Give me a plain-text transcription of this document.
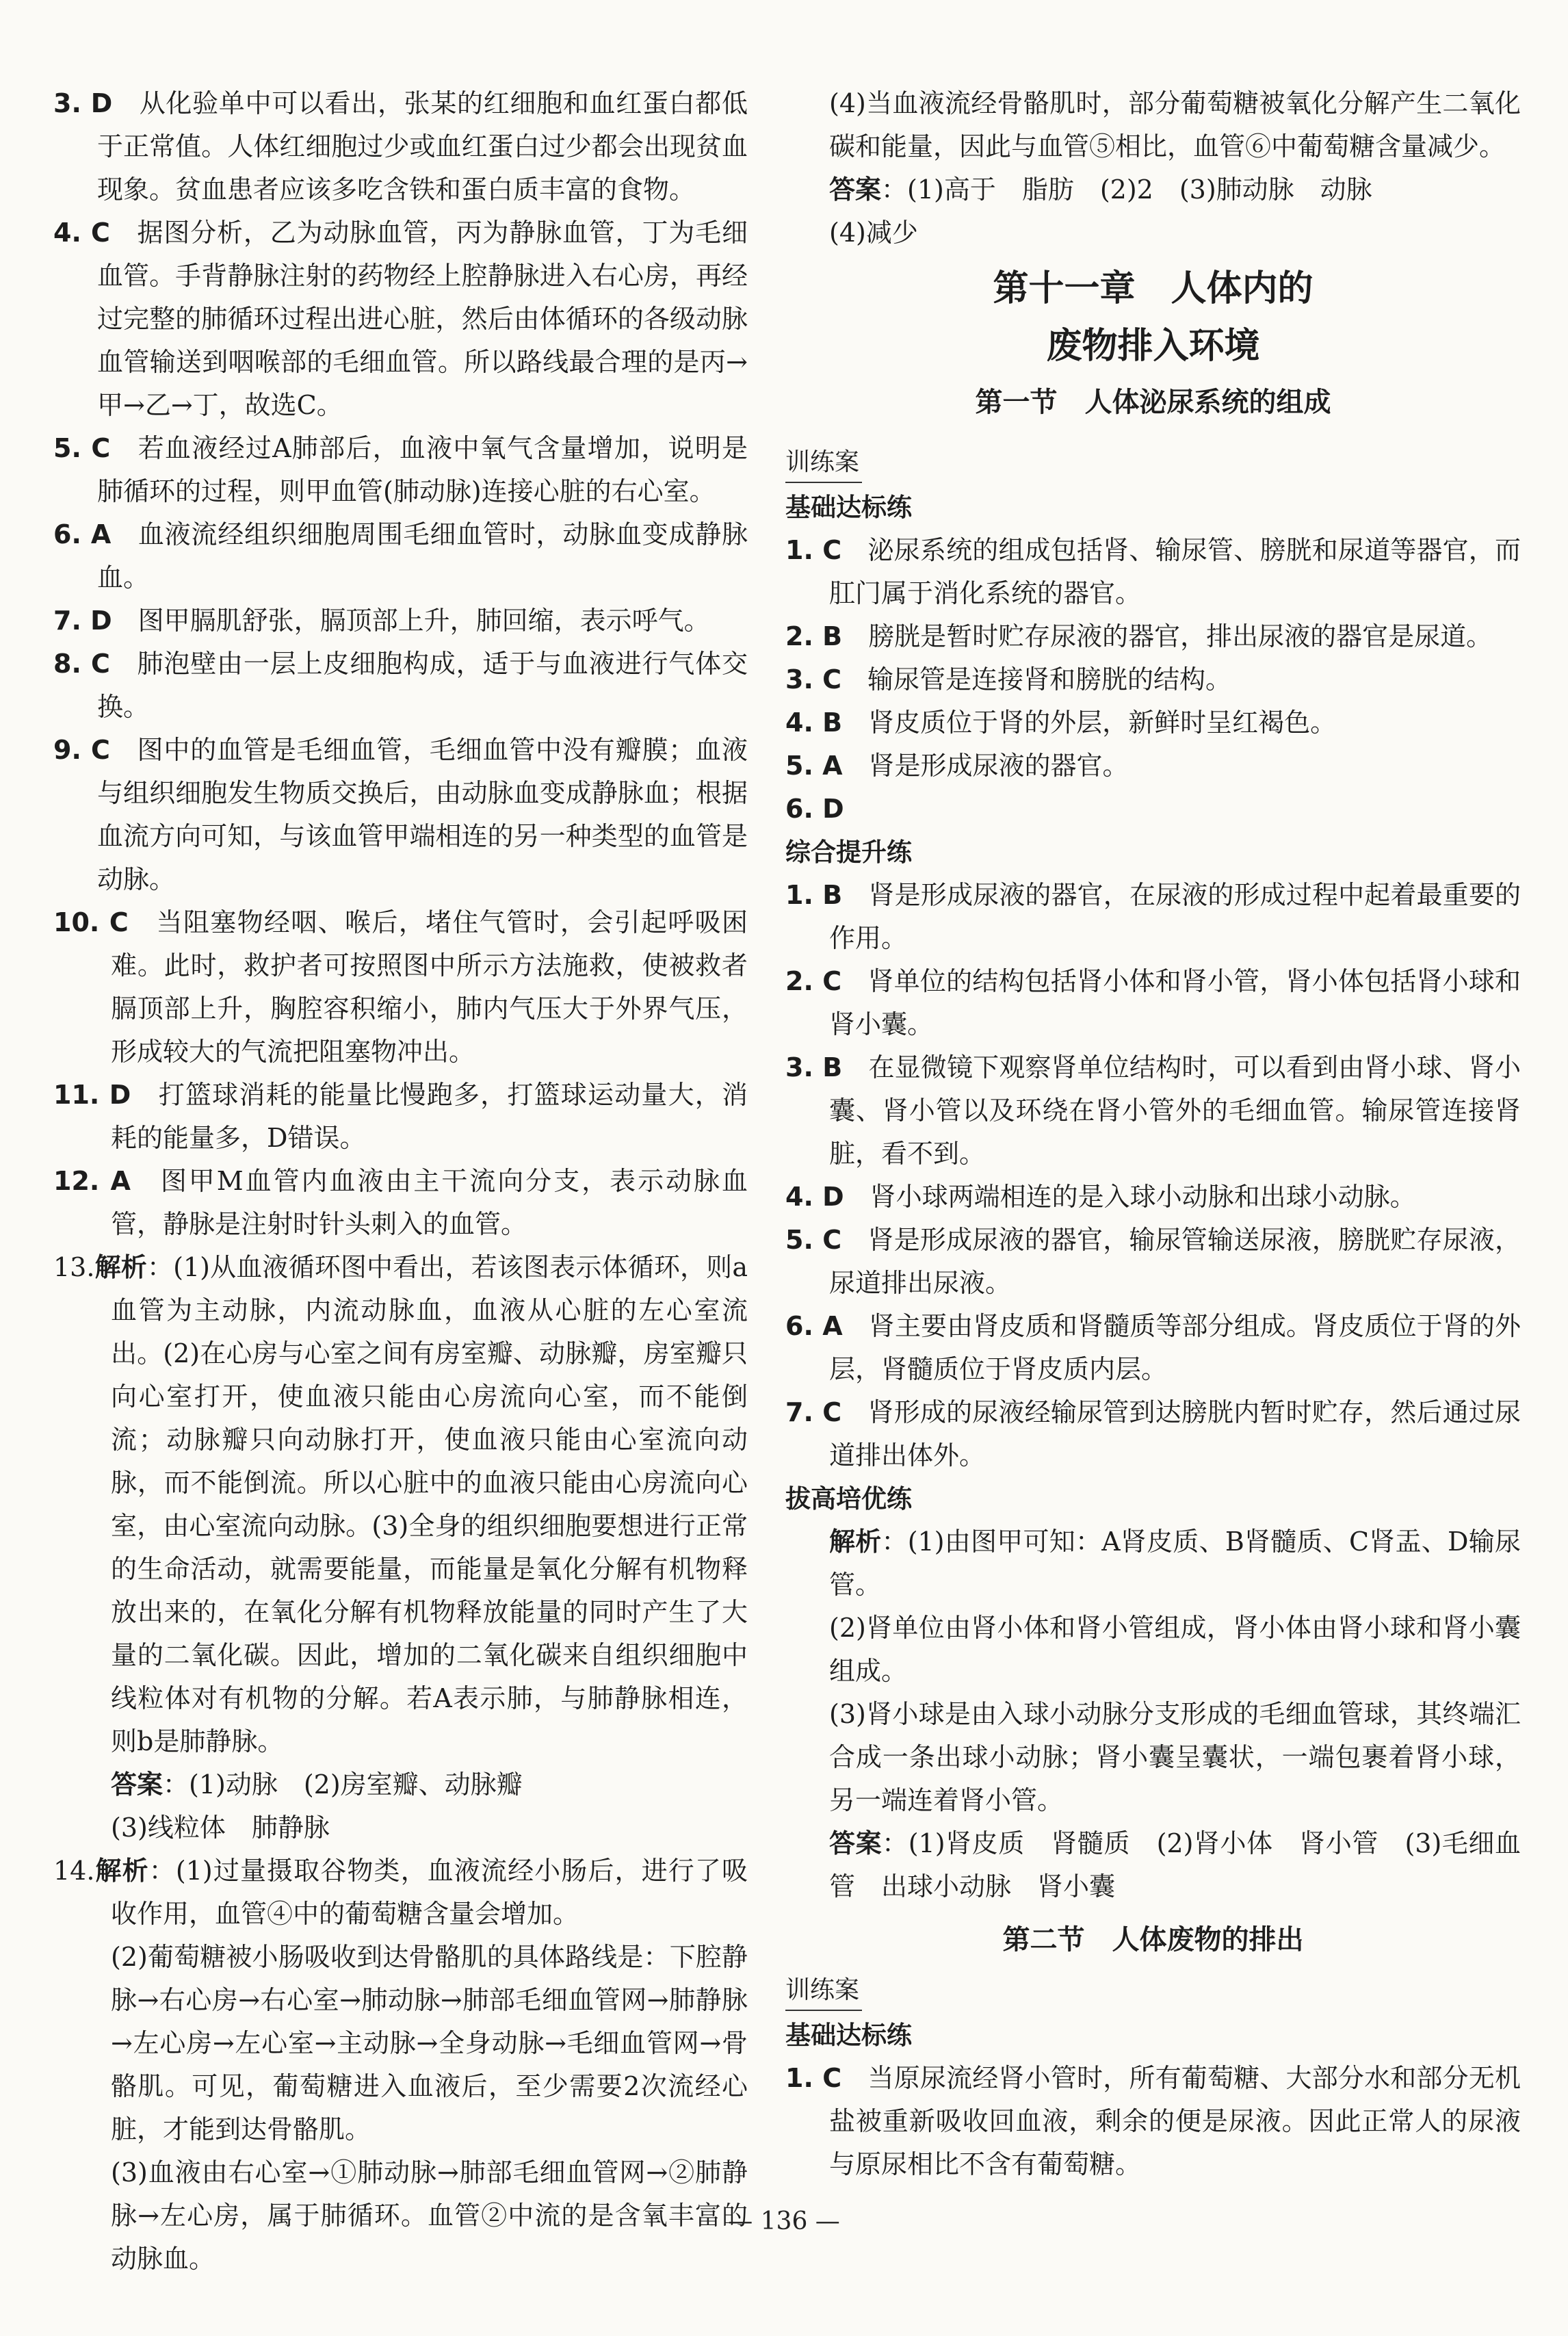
3. D　从化验单中可以看出，张某的红细胞和血红蛋白都低于正常值。人体红细胞过少或血红蛋白过少都会出现贫血现象。贫血患者应该多吃含铁和蛋白质丰富的食物。

4. C　据图分析，乙为动脉血管，丙为静脉血管，丁为毛细血管。手背静脉注射的药物经上腔静脉进入右心房，再经过完整的肺循环过程出进心脏，然后由体循环的各级动脉血管输送到咽喉部的毛细血管。所以路线最合理的是丙→甲→乙→丁，故选C。

5. C　若血液经过A肺部后，血液中氧气含量增加，说明是肺循环的过程，则甲血管(肺动脉)连接心脏的右心室。

6. A　血液流经组织细胞周围毛细血管时，动脉血变成静脉血。

7. D　图甲膈肌舒张，膈顶部上升，肺回缩，表示呼气。

8. C　肺泡壁由一层上皮细胞构成，适于与血液进行气体交换。

9. C　图中的血管是毛细血管，毛细血管中没有瓣膜；血液与组织细胞发生物质交换后，由动脉血变成静脉血；根据血流方向可知，与该血管甲端相连的另一种类型的血管是动脉。

10. C　当阻塞物经咽、喉后，堵住气管时，会引起呼吸困难。此时，救护者可按照图中所示方法施救，使被救者膈顶部上升，胸腔容积缩小，肺内气压大于外界气压，形成较大的气流把阻塞物冲出。

11. D　打篮球消耗的能量比慢跑多，打篮球运动量大，消耗的能量多，D错误。

12. A　图甲M血管内血液由主干流向分支，表示动脉血管，静脉是注射时针头刺入的血管。

13.解析：(1)从血液循环图中看出，若该图表示体循环，则a血管为主动脉，内流动脉血，血液从心脏的左心室流出。(2)在心房与心室之间有房室瓣、动脉瓣，房室瓣只向心室打开，使血液只能由心房流向心室，而不能倒流；动脉瓣只向动脉打开，使血液只能由心室流向动脉，而不能倒流。所以心脏中的血液只能由心房流向心室，由心室流向动脉。(3)全身的组织细胞要想进行正常的生命活动，就需要能量，而能量是氧化分解有机物释放出来的，在氧化分解有机物释放能量的同时产生了大量的二氧化碳。因此，增加的二氧化碳来自组织细胞中线粒体对有机物的分解。若A表示肺，与肺静脉相连，则b是肺静脉。

答案：(1)动脉　(2)房室瓣、动脉瓣

(3)线粒体　肺静脉

14.解析：(1)过量摄取谷物类，血液流经小肠后，进行了吸收作用，血管④中的葡萄糖含量会增加。

(2)葡萄糖被小肠吸收到达骨骼肌的具体路线是：下腔静脉→右心房→右心室→肺动脉→肺部毛细血管网→肺静脉→左心房→左心室→主动脉→全身动脉→毛细血管网→骨骼肌。可见，葡萄糖进入血液后，至少需要2次流经心脏，才能到达骨骼肌。

(3)血液由右心室→①肺动脉→肺部毛细血管网→②肺静脉→左心房，属于肺循环。血管②中流的是含氧丰富的动脉血。

(4)当血液流经骨骼肌时，部分葡萄糖被氧化分解产生二氧化碳和能量，因此与血管⑤相比，血管⑥中葡萄糖含量减少。

答案：(1)高于　脂肪　(2)2　(3)肺动脉　动脉

(4)减少

第十一章　人体内的

废物排入环境

第一节　人体泌尿系统的组成

训练案

基础达标练

1. C　泌尿系统的组成包括肾、输尿管、膀胱和尿道等器官，而肛门属于消化系统的器官。

2. B　膀胱是暂时贮存尿液的器官，排出尿液的器官是尿道。

3. C　输尿管是连接肾和膀胱的结构。

4. B　肾皮质位于肾的外层，新鲜时呈红褐色。

5. A　肾是形成尿液的器官。

6. D

综合提升练

1. B　肾是形成尿液的器官，在尿液的形成过程中起着最重要的作用。

2. C　肾单位的结构包括肾小体和肾小管，肾小体包括肾小球和肾小囊。

3. B　在显微镜下观察肾单位结构时，可以看到由肾小球、肾小囊、肾小管以及环绕在肾小管外的毛细血管。输尿管连接肾脏，看不到。

4. D　肾小球两端相连的是入球小动脉和出球小动脉。

5. C　肾是形成尿液的器官，输尿管输送尿液，膀胱贮存尿液，尿道排出尿液。

6. A　肾主要由肾皮质和肾髓质等部分组成。肾皮质位于肾的外层，肾髓质位于肾皮质内层。

7. C　肾形成的尿液经输尿管到达膀胱内暂时贮存，然后通过尿道排出体外。

拔高培优练

解析：(1)由图甲可知：A肾皮质、B肾髓质、C肾盂、D输尿管。

(2)肾单位由肾小体和肾小管组成，肾小体由肾小球和肾小囊组成。

(3)肾小球是由入球小动脉分支形成的毛细血管球，其终端汇合成一条出球小动脉；肾小囊呈囊状，一端包裹着肾小球，另一端连着肾小管。

答案：(1)肾皮质　肾髓质　(2)肾小体　肾小管　(3)毛细血管　出球小动脉　肾小囊

第二节　人体废物的排出

训练案

基础达标练

1. C　当原尿流经肾小管时，所有葡萄糖、大部分水和部分无机盐被重新吸收回血液，剩余的便是尿液。因此正常人的尿液与原尿相比不含有葡萄糖。

— 136 —
